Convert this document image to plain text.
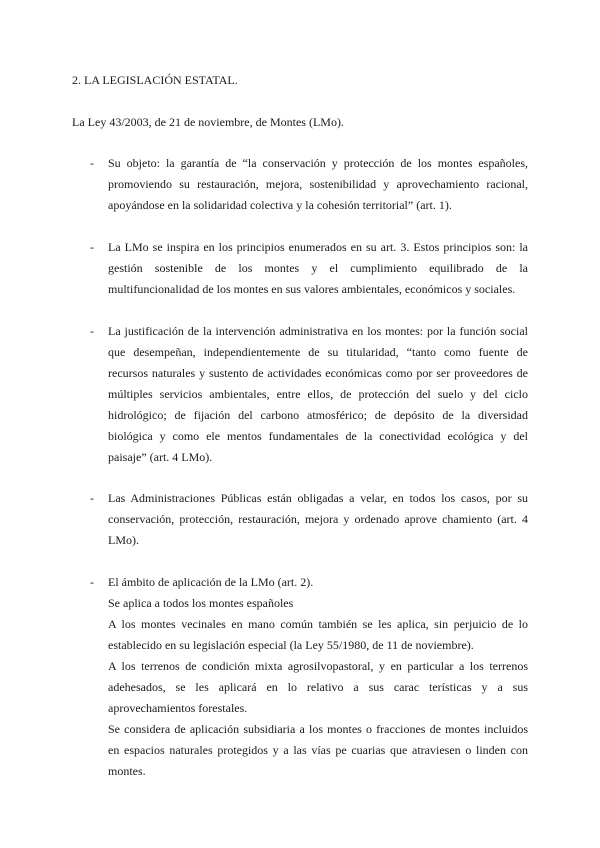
2. LA LEGISLACIÓN ESTATAL.
La Ley 43/2003, de 21 de noviembre, de Montes (LMo).
- Su objeto: la garantía de “la conservación y protección de los montes españoles,
promoviendo su restauración, mejora, sostenibilidad y aprovechamiento racional,
apoyándose en la solidaridad colectiva y la cohesión territorial” (art. 1).
- La LMo se inspira en los principios enumerados en su art. 3. Estos principios son: la
gestión sostenible de los montes y el cumplimiento equilibrado de la
multifuncionalidad de los montes en sus valores ambientales, económicos y sociales.
- La justificación de la intervención administrativa en los montes: por la función social
que desempeñan, independientemente de su titularidad, “tanto como fuente de
recursos naturales y sustento de actividades económicas como por ser proveedores de
múltiples servicios ambientales, entre ellos, de protección del suelo y del ciclo
hidrológico; de fijación del carbono atmosférico; de depósito de la diversidad
biológica y como ele mentos fundamentales de la conectividad ecológica y del
paisaje” (art. 4 LMo).
- Las Administraciones Públicas están obligadas a velar, en todos los casos, por su
conservación, protección, restauración, mejora y ordenado aprove chamiento (art. 4
LMo).
- El ámbito de aplicación de la LMo (art. 2).
Se aplica a todos los montes españoles
A los montes vecinales en mano común también se les aplica, sin perjuicio de lo
establecido en su legislación especial (la Ley 55/1980, de 11 de noviembre).
A los terrenos de condición mixta agrosilvopastoral, y en particular a los terrenos
adehesados, se les aplicará en lo relativo a sus carac terísticas y a sus
aprovechamientos forestales.
Se considera de aplicación subsidiaria a los montes o fracciones de montes incluidos
en espacios naturales protegidos y a las vías pe cuarias que atraviesen o linden con
montes.
